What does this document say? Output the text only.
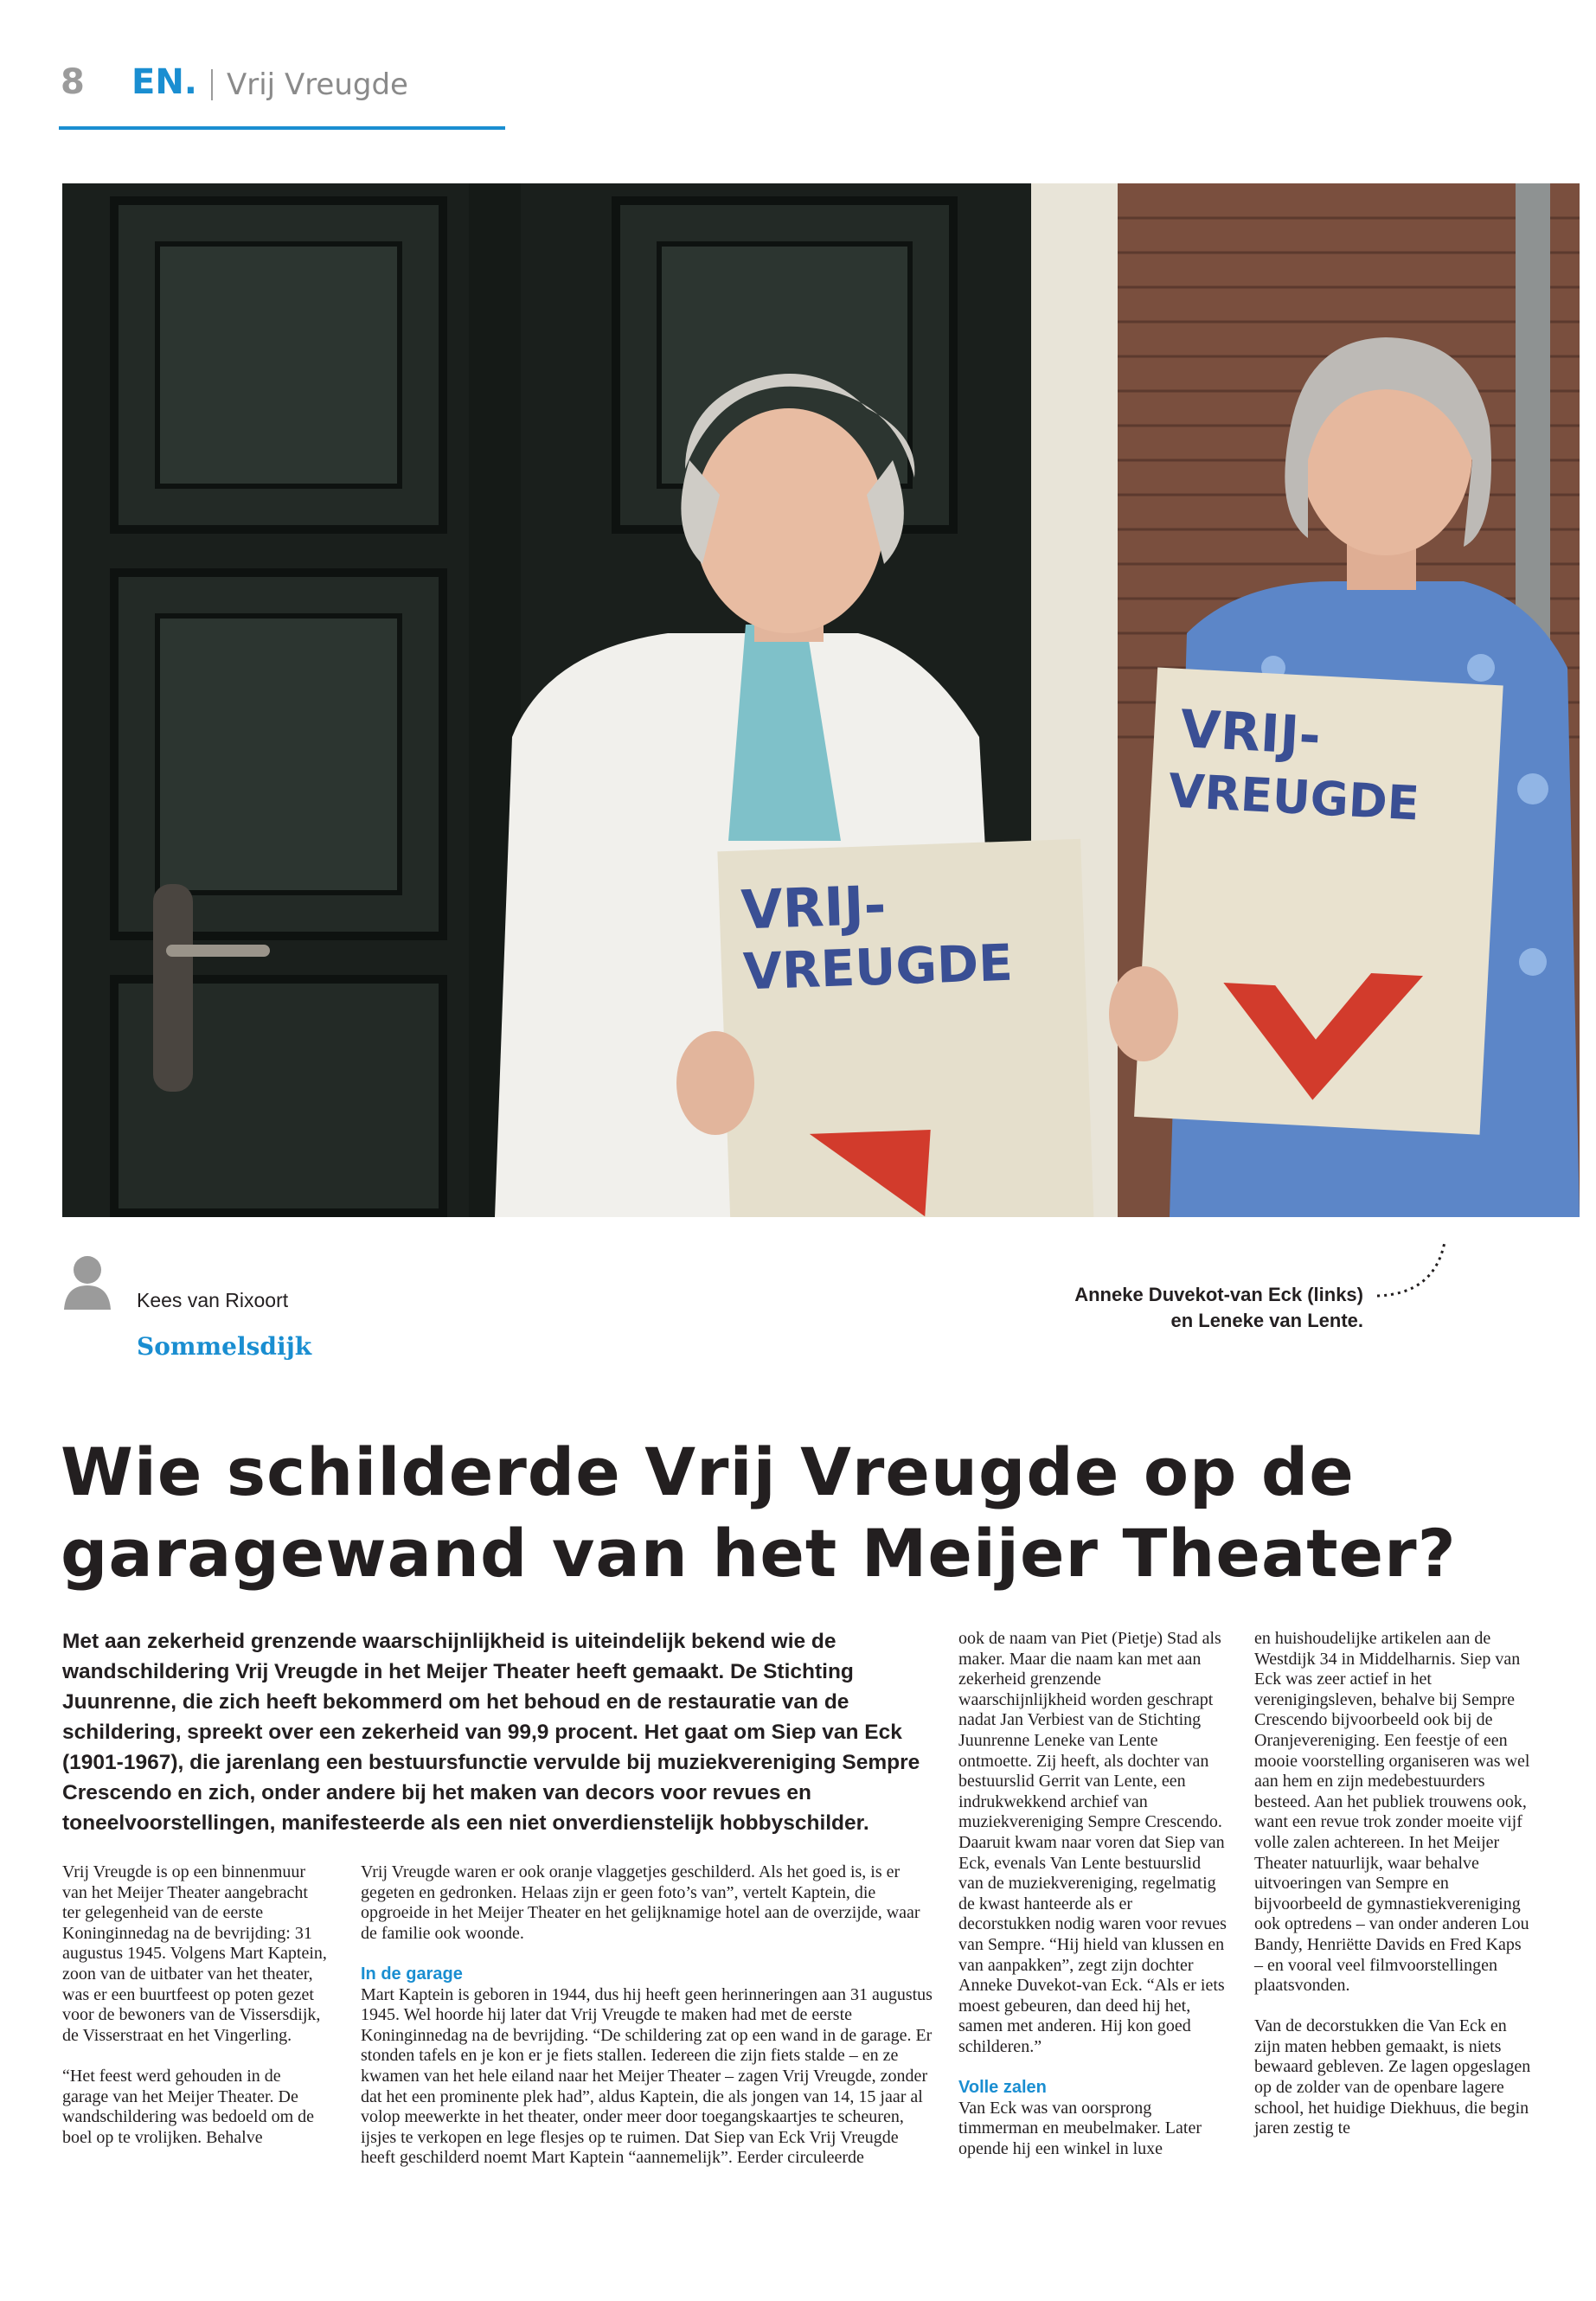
8 EN. Vrij Vreugde
VRIJ-
VREUGDE
VRIJ-
VREUGDE
Kees van Rixoort
Sommelsdijk
Anneke Duvekot-van Eck (links)
en Leneke van Lente.
Wie schilderde Vrij Vreugde op de garagewand van het Meijer Theater?
Met aan zekerheid grenzende waarschijnlijkheid is uiteindelijk bekend wie de wandschildering Vrij Vreugde in het Meijer Theater heeft gemaakt. De Stichting Juunrenne, die zich heeft bekommerd om het behoud en de restauratie van de schildering, spreekt over een zekerheid van 99,9 procent. Het gaat om Siep van Eck (1901-1967), die jarenlang een bestuursfunctie vervulde bij muziekvereniging Sempre Crescendo en zich, onder andere bij het maken van decors voor revues en toneelvoorstellingen, manifesteerde als een niet onverdienstelijk hobbyschilder.

Vrij Vreugde is op een binnenmuur van het Meijer Theater aangebracht ter gelegenheid van de eerste Koninginnedag na de bevrijding: 31 augustus 1945. Volgens Mart Kaptein, zoon van de uitbater van het theater, was er een buurtfeest op poten gezet voor de bewoners van de Vissersdijk, de Visserstraat en het Vingerling.

“Het feest werd gehouden in de garage van het Meijer Theater. De wandschildering was bedoeld om de boel op te vrolijken. Behalve

Vrij Vreugde waren er ook oranje vlaggetjes geschilderd. Als het goed is, is er gegeten en gedronken. Helaas zijn er geen foto’s van”, vertelt Kaptein, die opgroeide in het Meijer Theater en het gelijknamige hotel aan de overzijde, waar de familie ook woonde.

In de garage

Mart Kaptein is geboren in 1944, dus hij heeft geen herinneringen aan 31 augustus 1945. Wel hoorde hij later dat Vrij Vreugde te maken had met de eerste Koninginnedag na de bevrijding. “De schildering zat op een wand in de garage. Er stonden tafels en je kon er je fiets stallen. Iedereen die zijn fiets stalde – en ze kwamen van het hele eiland naar het Meijer Theater – zagen Vrij Vreugde, zonder dat het een prominente plek had”, aldus Kaptein, die als jongen van 14, 15 jaar al volop meewerkte in het theater, onder meer door toegangskaartjes te scheuren, ijsjes te verkopen en lege flesjes op te ruimen. Dat Siep van Eck Vrij Vreugde heeft geschilderd noemt Mart Kaptein “aannemelijk”. Eerder circuleerde

ook de naam van Piet (Pietje) Stad als maker. Maar die naam kan met aan zekerheid grenzende waarschijnlijkheid worden geschrapt nadat Jan Verbiest van de Stichting Juunrenne Leneke van Lente ontmoette. Zij heeft, als dochter van bestuurslid Gerrit van Lente, een indrukwekkend archief van muziekvereniging Sempre Crescendo. Daaruit kwam naar voren dat Siep van Eck, evenals Van Lente bestuurslid van de muziekvereniging, regelmatig de kwast hanteerde als er decorstukken nodig waren voor revues van Sempre. “Hij hield van klussen en van aanpakken”, zegt zijn dochter Anneke Duvekot-van Eck. “Als er iets moest gebeuren, dan deed hij het, samen met anderen. Hij kon goed schilderen.”

Volle zalen

Van Eck was van oorsprong timmerman en meubelmaker. Later opende hij een winkel in luxe

en huishoudelijke artikelen aan de Westdijk 34 in Middelharnis. Siep van Eck was zeer actief in het verenigingsleven, behalve bij Sempre Crescendo bijvoorbeeld ook bij de Oranjevereniging. Een feestje of een mooie voorstelling organiseren was wel aan hem en zijn medebestuurders besteed. Aan het publiek trouwens ook, want een revue trok zonder moeite vijf volle zalen achtereen. In het Meijer Theater natuurlijk, waar behalve uitvoeringen van Sempre en bijvoorbeeld de gymnastiekvereniging ook optredens – van onder anderen Lou Bandy, Henriëtte Davids en Fred Kaps – en vooral veel filmvoorstellingen plaatsvonden.

Van de decorstukken die Van Eck en zijn maten hebben gemaakt, is niets bewaard gebleven. Ze lagen opgeslagen op de zolder van de openbare lagere school, het huidige Diekhuus, die begin jaren zestig te
